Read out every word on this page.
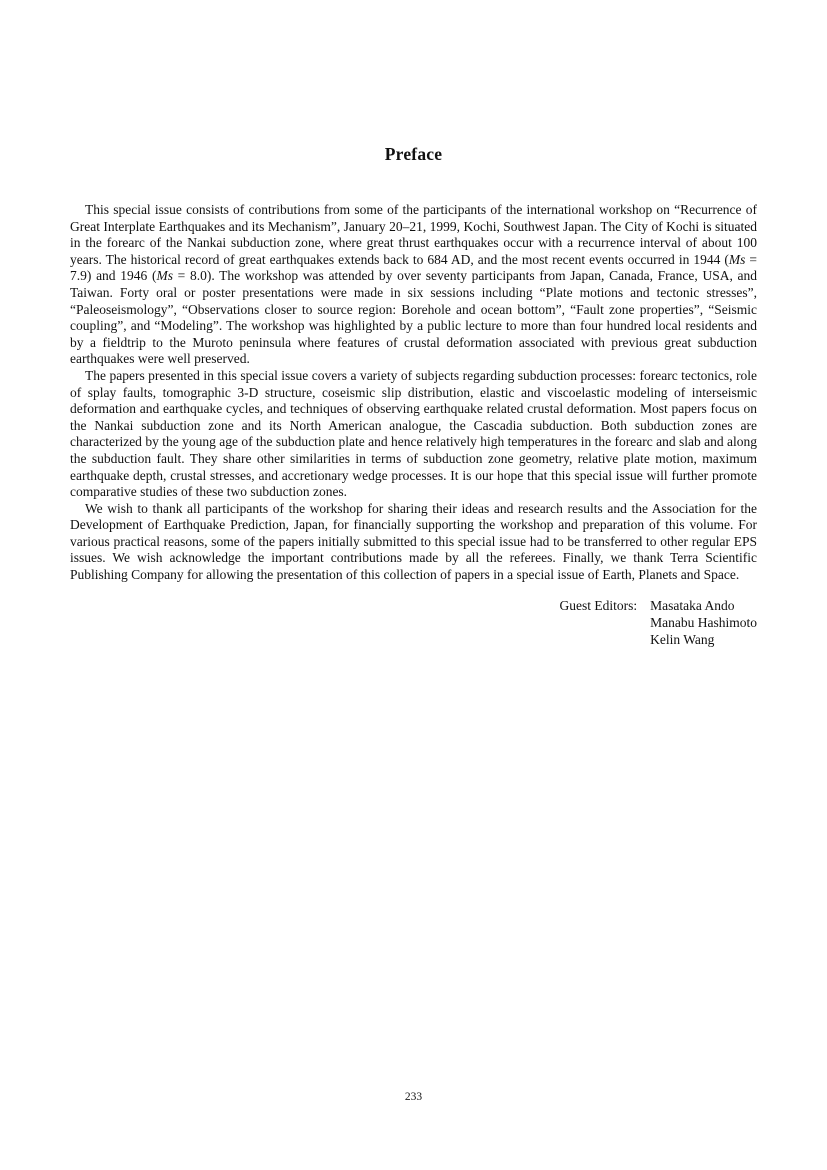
Preface

This special issue consists of contributions from some of the participants of the international workshop on “Recurrence of Great Interplate Earthquakes and its Mechanism”, January 20–21, 1999, Kochi, Southwest Japan. The City of Kochi is situated in the forearc of the Nankai subduction zone, where great thrust earthquakes occur with a recurrence interval of about 100 years. The historical record of great earthquakes extends back to 684 AD, and the most recent events occurred in 1944 (Ms = 7.9) and 1946 (Ms = 8.0). The workshop was attended by over seventy participants from Japan, Canada, France, USA, and Taiwan. Forty oral or poster presentations were made in six sessions including “Plate motions and tectonic stresses”, “Paleoseismology”, “Observations closer to source region: Borehole and ocean bottom”, “Fault zone properties”, “Seismic coupling”, and “Modeling”. The workshop was highlighted by a public lecture to more than four hundred local residents and by a fieldtrip to the Muroto peninsula where features of crustal deformation associated with previous great subduction earthquakes were well preserved.

The papers presented in this special issue covers a variety of subjects regarding subduction processes: forearc tectonics, role of splay faults, tomographic 3-D structure, coseismic slip distribution, elastic and viscoelastic modeling of interseismic deformation and earthquake cycles, and techniques of observing earthquake related crustal deformation. Most papers focus on the Nankai subduction zone and its North American analogue, the Cascadia subduction. Both subduction zones are characterized by the young age of the subduction plate and hence relatively high temperatures in the forearc and slab and along the subduction fault. They share other similarities in terms of subduction zone geometry, relative plate motion, maximum earthquake depth, crustal stresses, and accretionary wedge processes. It is our hope that this special issue will further promote comparative studies of these two subduction zones.

We wish to thank all participants of the workshop for sharing their ideas and research results and the Association for the Development of Earthquake Prediction, Japan, for financially supporting the workshop and preparation of this volume. For various practical reasons, some of the papers initially submitted to this special issue had to be transferred to other regular EPS issues. We wish acknowledge the important contributions made by all the referees. Finally, we thank Terra Scientific Publishing Company for allowing the presentation of this collection of papers in a special issue of Earth, Planets and Space.

Guest Editors: Masataka Ando
Manabu Hashimoto
Kelin Wang
233
